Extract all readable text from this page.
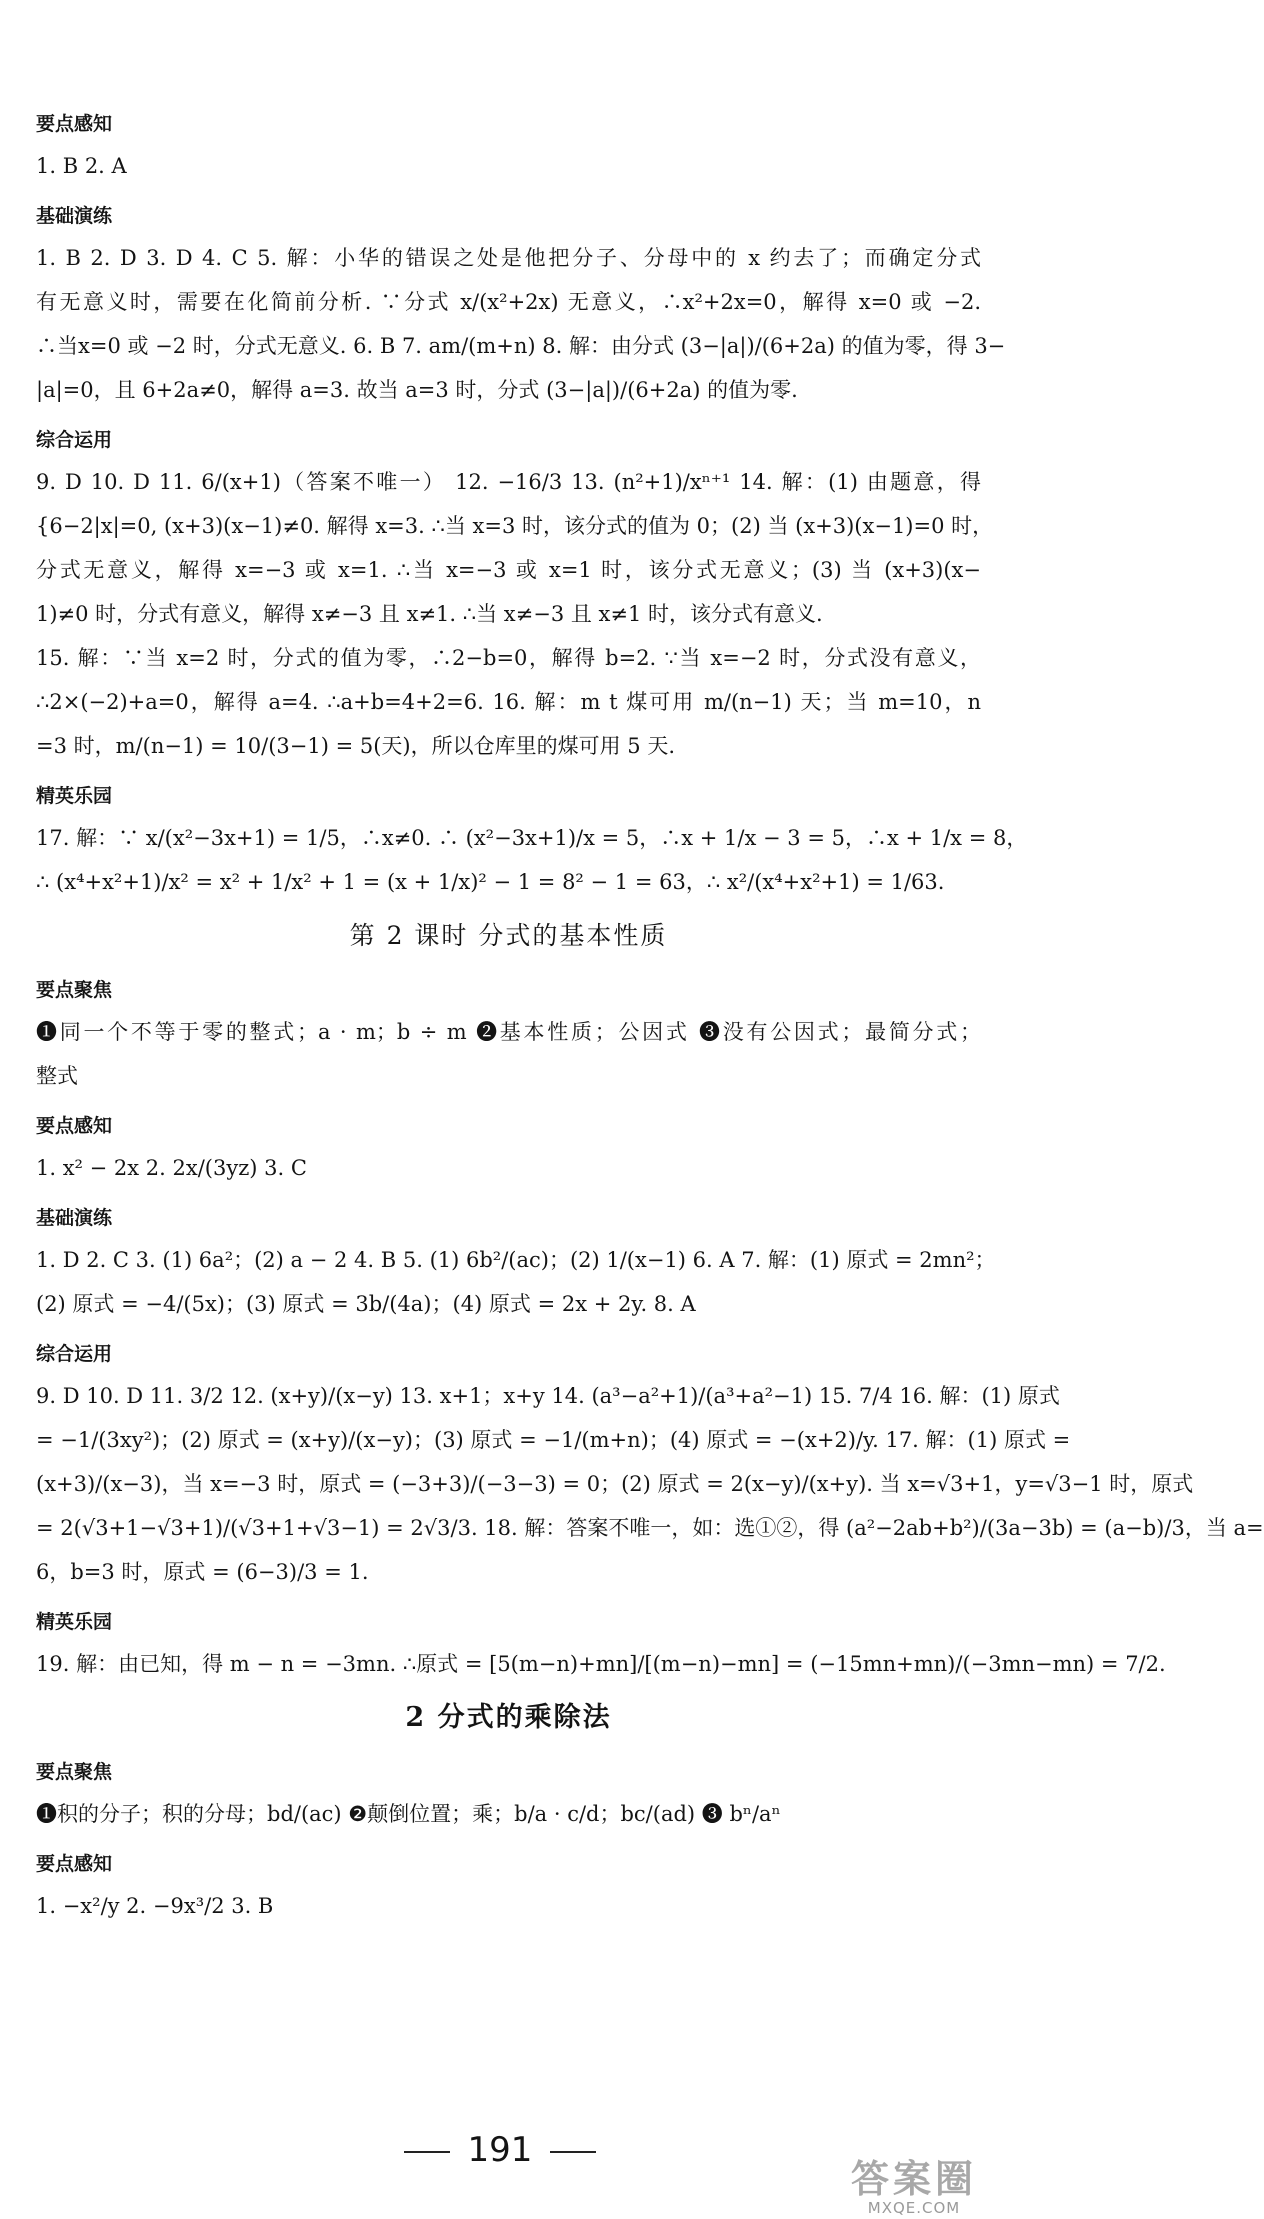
要点感知
1. B 2. A
基础演练
1. B 2. D 3. D 4. C 5. 解：小华的错误之处是他把分子、分母中的 x 约去了；而确定分式
有无意义时，需要在化简前分析. ∵分式 x/(x²+2x) 无意义，∴x²+2x=0，解得 x=0 或 −2.
∴当x=0 或 −2 时，分式无意义. 6. B 7. am/(m+n) 8. 解：由分式 (3−|a|)/(6+2a) 的值为零，得 3−
|a|=0，且 6+2a≠0，解得 a=3. 故当 a=3 时，分式 (3−|a|)/(6+2a) 的值为零.
综合运用
9. D 10. D 11. 6/(x+1)（答案不唯一） 12. −16/3 13. (n²+1)/xⁿ⁺¹ 14. 解：(1) 由题意，得
{6−2|x|=0, (x+3)(x−1)≠0. 解得 x=3. ∴当 x=3 时，该分式的值为 0；(2) 当 (x+3)(x−1)=0 时，
分式无意义，解得 x=−3 或 x=1. ∴当 x=−3 或 x=1 时，该分式无意义；(3) 当 (x+3)(x−
1)≠0 时，分式有意义，解得 x≠−3 且 x≠1. ∴当 x≠−3 且 x≠1 时，该分式有意义.
15. 解：∵当 x=2 时，分式的值为零，∴2−b=0，解得 b=2. ∵当 x=−2 时，分式没有意义，
∴2×(−2)+a=0，解得 a=4. ∴a+b=4+2=6. 16. 解：m t 煤可用 m/(n−1) 天；当 m=10，n
=3 时，m/(n−1) = 10/(3−1) = 5(天)，所以仓库里的煤可用 5 天.
精英乐园
17. 解：∵ x/(x²−3x+1) = 1/5，∴x≠0. ∴ (x²−3x+1)/x = 5，∴x + 1/x − 3 = 5，∴x + 1/x = 8，
∴ (x⁴+x²+1)/x² = x² + 1/x² + 1 = (x + 1/x)² − 1 = 8² − 1 = 63，∴ x²/(x⁴+x²+1) = 1/63.
第 2 课时 分式的基本性质
要点聚焦
❶同一个不等于零的整式；a · m；b ÷ m ❷基本性质；公因式 ❸没有公因式；最简分式；
整式
要点感知
1. x² − 2x 2. 2x/(3yz) 3. C
基础演练
1. D 2. C 3. (1) 6a²；(2) a − 2 4. B 5. (1) 6b²/(ac)；(2) 1/(x−1) 6. A 7. 解：(1) 原式 = 2mn²；
(2) 原式 = −4/(5x)；(3) 原式 = 3b/(4a)；(4) 原式 = 2x + 2y. 8. A
综合运用
9. D 10. D 11. 3/2 12. (x+y)/(x−y) 13. x+1；x+y 14. (a³−a²+1)/(a³+a²−1) 15. 7/4 16. 解：(1) 原式
= −1/(3xy²)；(2) 原式 = (x+y)/(x−y)；(3) 原式 = −1/(m+n)；(4) 原式 = −(x+2)/y. 17. 解：(1) 原式 =
(x+3)/(x−3)，当 x=−3 时，原式 = (−3+3)/(−3−3) = 0；(2) 原式 = 2(x−y)/(x+y). 当 x=√3+1，y=√3−1 时，原式
= 2(√3+1−√3+1)/(√3+1+√3−1) = 2√3/3. 18. 解：答案不唯一，如：选①②，得 (a²−2ab+b²)/(3a−3b) = (a−b)/3，当 a=
6，b=3 时，原式 = (6−3)/3 = 1.
精英乐园
19. 解：由已知，得 m − n = −3mn. ∴原式 = [5(m−n)+mn]/[(m−n)−mn] = (−15mn+mn)/(−3mn−mn) = 7/2.
2 分式的乘除法
要点聚焦
❶积的分子；积的分母；bd/(ac) ❷颠倒位置；乘；b/a · c/d；bc/(ad) ❸ bⁿ/aⁿ
要点感知
1. −x²/y 2. −9x³/2 3. B
191
答案圈
MXQE.COM
